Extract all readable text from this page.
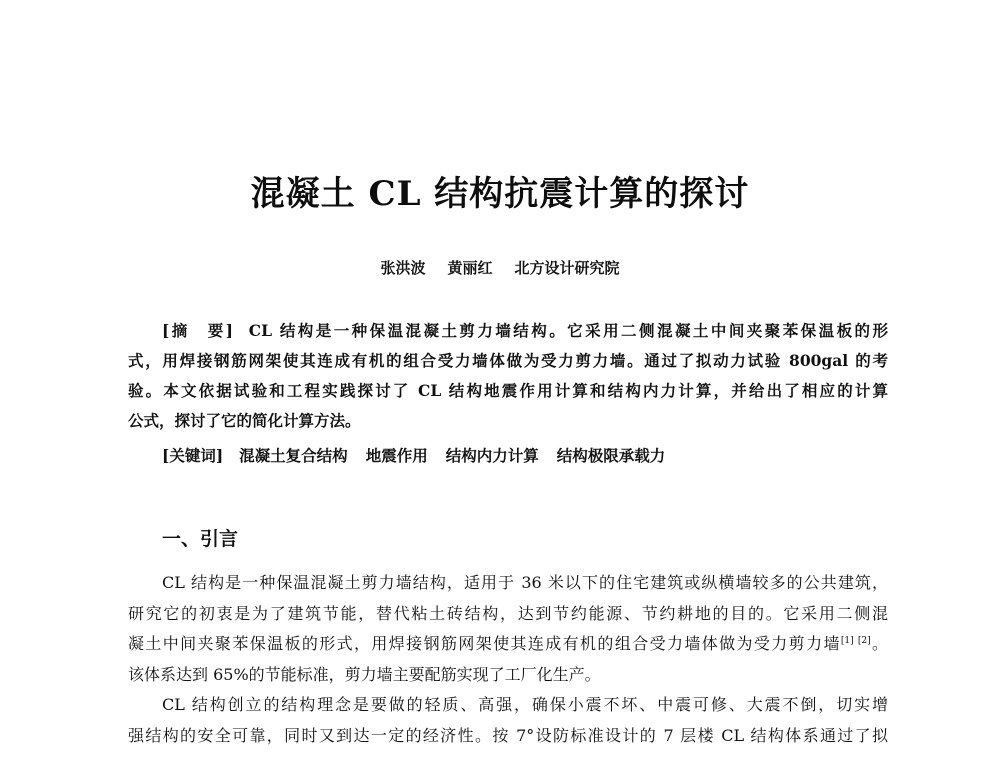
混凝土 CL 结构抗震计算的探讨
张洪波 黄丽红 北方设计研究院
[摘　要] CL 结构是一种保温混凝土剪力墙结构。它采用二侧混凝土中间夹聚苯保温板的形
式，用焊接钢筋网架使其连成有机的组合受力墙体做为受力剪力墙。通过了拟动力试验 800gal 的考
验。本文依据试验和工程实践探讨了 CL 结构地震作用计算和结构内力计算，并给出了相应的计算
公式，探讨了它的简化计算方法。
[关键词] 混凝土复合结构 地震作用 结构内力计算 结构极限承载力
一、引言
CL 结构是一种保温混凝土剪力墙结构，适用于 36 米以下的住宅建筑或纵横墙较多的公共建筑，
研究它的初衷是为了建筑节能，替代粘土砖结构，达到节约能源、节约耕地的目的。它采用二侧混
凝土中间夹聚苯保温板的形式，用焊接钢筋网架使其连成有机的组合受力墙体做为受力剪力墙[1] [2]。
该体系达到 65%的节能标准，剪力墙主要配筋实现了工厂化生产。
CL 结构创立的结构理念是要做的轻质、高强，确保小震不坏、中震可修、大震不倒，切实增
强结构的安全可靠，同时又到达一定的经济性。按 7°设防标准设计的 7 层楼 CL 结构体系通过了拟
